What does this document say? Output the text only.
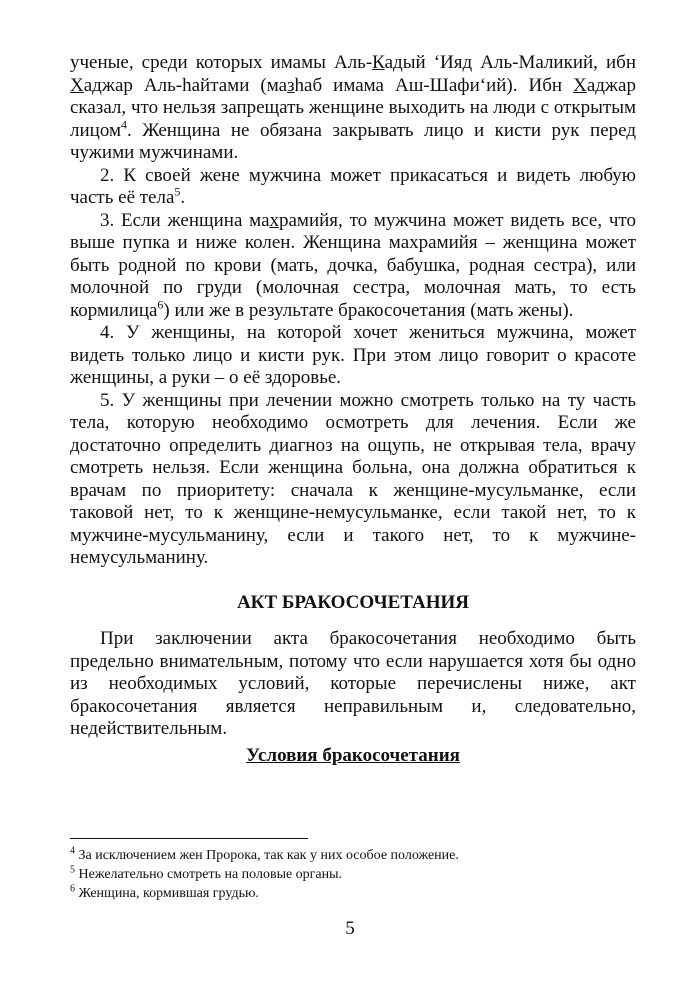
ученые, среди которых имамы Аль-Кадый ‘Ияд Аль-Маликий, ибн Хаджар Аль-hайтами (мазhаб имама Аш-Шафи‘ий). Ибн Хаджар сказал, что нельзя запрещать женщине выходить на люди с открытым лицом$^4$. Женщина не обязана закрывать лицо и кисти рук перед чужими мужчинами.

2. К своей жене мужчина может прикасаться и видеть любую часть её тела$^5$.

3. Если женщина махрамийя, то мужчина может видеть все, что выше пупка и ниже колен. Женщина махрамийя – женщина может быть родной по крови (мать, дочка, бабушка, родная сестра), или молочной по груди (молочная сестра, молочная мать, то есть кормилица$^6$) или же в результате бракосочетания (мать жены).

4. У женщины, на которой хочет жениться мужчина, может видеть только лицо и кисти рук. При этом лицо говорит о красоте женщины, а руки – о её здоровье.

5. У женщины при лечении можно смотреть только на ту часть тела, которую необходимо осмотреть для лечения. Если же достаточно определить диагноз на ощупь, не открывая тела, врачу смотреть нельзя. Если женщина больна, она должна обратиться к врачам по приоритету: сначала к женщине-мусульманке, если таковой нет, то к женщине-немусульманке, если такой нет, то к мужчине-мусульманину, если и такого нет, то к мужчине-немусульманину.

АКТ БРАКОСОЧЕТАНИЯ

При заключении акта бракосочетания необходимо быть предельно внимательным, потому что если нарушается хотя бы одно из необходимых условий, которые перечислены ниже, акт бракосочетания является неправильным и, следовательно, недействительным.

Условия бракосочетания
$^4$ За исключением жен Пророка, так как у них особое положение.
$^5$ Нежелательно смотреть на половые органы.
$^6$ Женщина, кормившая грудью.
5
